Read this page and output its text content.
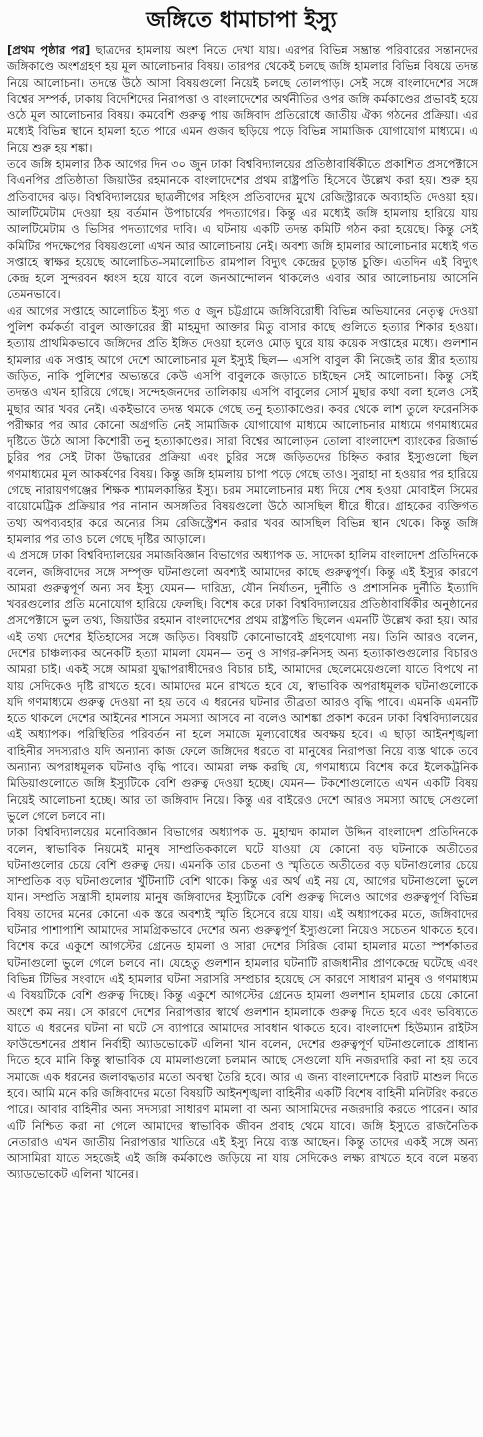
জঙ্গিতে ধামাচাপা ইস্যু

[প্রথম পৃষ্ঠার পর] ছাত্রদের হামলায় অংশ নিতে দেখা যায়। এরপর বিভিন্ন সম্ভ্রান্ত পরিবারের সন্তানদের জঙ্গিকাণ্ডে অংশগ্রহণ হয় মূল আলোচনার বিষয়। তারপর থেকেই চলছে জঙ্গি হামলার বিভিন্ন বিষয়ে তদন্ত নিয়ে আলোচনা। তদন্তে উঠে আসা বিষয়গুলো নিয়েই চলছে তোলপাড়। সেই সঙ্গে বাংলাদেশের সঙ্গে বিশ্বের সম্পর্ক, ঢাকায় বিদেশিদের নিরাপত্তা ও বাংলাদেশের অর্থনীতির ওপর জঙ্গি কর্মকাণ্ডের প্রভাবই হয়ে ওঠে মূল আলোচনার বিষয়। কমবেশি গুরুত্ব পায় জঙ্গিবাদ প্রতিরোধে জাতীয় ঐক্য গঠনের প্রক্রিয়া। এর মধ্যেই বিভিন্ন স্থানে হামলা হতে পারে এমন গুজব ছড়িয়ে পড়ে বিভিন্ন সামাজিক যোগাযোগ মাধ্যমে। এ নিয়ে শুরু হয় শঙ্কা।

তবে জঙ্গি হামলার ঠিক আগের দিন ৩০ জুন ঢাকা বিশ্ববিদ্যালয়ের প্রতিষ্ঠাবার্ষিকীতে প্রকাশিত প্রসপেক্টাসে বিএনপির প্রতিষ্ঠাতা জিয়াউর রহমানকে বাংলাদেশের প্রথম রাষ্ট্রপতি হিসেবে উল্লেখ করা হয়। শুরু হয় প্রতিবাদের ঝড়। বিশ্ববিদ্যালয়ের ছাত্রলীগের সহিংস প্রতিবাদের মুখে রেজিস্ট্রারকে অব্যাহতি দেওয়া হয়। আলটিমেটাম দেওয়া হয় বর্তমান উপাচার্যের পদত্যাগের। কিন্তু এর মধ্যেই জঙ্গি হামলায় হারিয়ে যায় আলটিমেটাম ও ভিসির পদত্যাগের দাবি। এ ঘটনায় একটি তদন্ত কমিটি গঠন করা হয়েছে। কিন্তু সেই কমিটির পদক্ষেপের বিষয়গুলো এখন আর আলোচনায় নেই। অবশ্য জঙ্গি হামলার আলোচনার মধ্যেই গত সপ্তাহে স্বাক্ষর হয়েছে আলোচিত-সমালোচিত রামপাল বিদ্যুৎ কেন্দ্রের চূড়ান্ত চুক্তি। এতদিন এই বিদ্যুৎ কেন্দ্র হলে সুন্দরবন ধ্বংস হয়ে যাবে বলে জনআন্দোলন থাকলেও এবার আর আলোচনায় আসেনি তেমনভাবে।

এর আগের সপ্তাহে আলোচিত ইস্যু গত ৫ জুন চট্টগ্রামে জঙ্গিবিরোধী বিভিন্ন অভিযানের নেতৃত্ব দেওয়া পুলিশ কর্মকর্তা বাবুল আক্তারের স্ত্রী মাহমুদা আক্তার মিতু বাসার কাছে গুলিতে হত্যার শিকার হওয়া। হত্যায় প্রাথমিকভাবে জঙ্গিদের প্রতি ইঙ্গিত দেওয়া হলেও মোড় ঘুরে যায় কয়েক সপ্তাহের মধ্যে। গুলশান হামলার এক সপ্তাহ আগে দেশে আলোচনার মূল ইস্যুই ছিল— এসপি বাবুল কী নিজেই তার স্ত্রীর হত্যায় জড়িত, নাকি পুলিশের অভ্যন্তরে কেউ এসপি বাবুলকে জড়াতে চাইছেন সেই আলোচনা। কিন্তু সেই তদন্তও এখন হারিয়ে গেছে। সন্দেহজনদের তালিকায় এসপি বাবুলের সোর্স মুছার কথা বলা হলেও সেই মুছার আর খবর নেই। একইভাবে তদন্ত থমকে গেছে তনু হত্যাকাণ্ডের। কবর থেকে লাশ তুলে ফরেনসিক পরীক্ষার পর আর কোনো অগ্রগতি নেই সামাজিক যোগাযোগ মাধ্যমে আলোচনার মাধ্যমে গণমাধ্যমের দৃষ্টিতে উঠে আসা কিশোরী তনু হত্যাকাণ্ডের। সারা বিশ্বের আলোড়ন তোলা বাংলাদেশ ব্যাংকের রিজার্ভ চুরির পর সেই টাকা উদ্ধারের প্রক্রিয়া এবং চুরির সঙ্গে জড়িতদের চিহ্নিত করার ইস্যুগুলো ছিল গণমাধ্যমের মূল আকর্ষণের বিষয়। কিন্তু জঙ্গি হামলায় চাপা পড়ে গেছে তাও। সুরাহা না হওয়ার পর হারিয়ে গেছে নারায়ণগঞ্জের শিক্ষক শ্যামলকান্তির ইস্যু। চরম সমালোচনার মধ্য দিয়ে শেষ হওয়া মোবাইল সিমের বায়োমেট্রিক প্রক্রিয়ার পর নানান অসঙ্গতির বিষয়গুলো উঠে আসছিল ধীরে ধীরে। গ্রাহকের ব্যক্তিগত তথ্য অপব্যবহার করে অন্যের সিম রেজিস্ট্রেশন করার খবর আসছিল বিভিন্ন স্থান থেকে। কিন্তু জঙ্গি হামলার পর তাও চলে গেছে দৃষ্টির আড়ালে।

এ প্রসঙ্গে ঢাকা বিশ্ববিদ্যালয়ের সমাজবিজ্ঞান বিভাগের অধ্যাপক ড. সাদেকা হালিম বাংলাদেশ প্রতিদিনকে বলেন, জঙ্গিবাদের সঙ্গে সম্পৃক্ত ঘটনাগুলো অবশ্যই আমাদের কাছে গুরুত্বপূর্ণ। কিন্তু এই ইস্যুর কারণে আমরা গুরুত্বপূর্ণ অন্য সব ইস্যু যেমন— দারিদ্র্য, যৌন নির্যাতন, দুর্নীতি ও প্রশাসনিক দুর্নীতি ইত্যাদি খবরগুলোর প্রতি মনোযোগ হারিয়ে ফেলছি। বিশেষ করে ঢাকা বিশ্ববিদ্যালয়ের প্রতিষ্ঠাবার্ষিকীর অনুষ্ঠানের প্রসপেক্টাসে ভুল তথ্য, জিয়াউর রহমান বাংলাদেশের প্রথম রাষ্ট্রপতি ছিলেন এমনটি উল্লেখ করা হয়। আর এই তথ্য দেশের ইতিহাসের সঙ্গে জড়িত। বিষয়টি কোনোভাবেই গ্রহণযোগ্য নয়। তিনি আরও বলেন, দেশের চাঞ্চল্যকর অনেকটি হত্যা মামলা যেমন— তনু ও সাগর-রুনিসহ অন্য হত্যাকাণ্ডগুলোর বিচারও আমরা চাই। একই সঙ্গে আমরা যুদ্ধাপরাধীদেরও বিচার চাই, আমাদের ছেলেমেয়েগুলো যাতে বিপথে না যায় সেদিকেও দৃষ্টি রাখতে হবে। আমাদের মনে রাখতে হবে যে, স্বাভাবিক অপরাধমূলক ঘটনাগুলোকে যদি গণমাধ্যমে গুরুত্ব দেওয়া না হয় তবে এ ধরনের ঘটনার তীব্রতা আরও বৃদ্ধি পাবে। এমনকি এমনটি হতে থাকলে দেশের আইনের শাসনে সমস্যা আসবে না বলেও আশঙ্কা প্রকাশ করেন ঢাকা বিশ্ববিদ্যালয়ের এই অধ্যাপক। পরিস্থিতির পরিবর্তন না হলে সমাজে মূল্যবোধের অবক্ষয় হবে। এ ছাড়া আইনশৃঙ্খলা বাহিনীর সদস্যরাও যদি অন্যান্য কাজ ফেলে জঙ্গিদের ধরতে বা মানুষের নিরাপত্তা নিয়ে ব্যস্ত থাকে তবে অন্যান্য অপরাধমূলক ঘটনাও বৃদ্ধি পাবে। আমরা লক্ষ করছি যে, গণমাধ্যমে বিশেষ করে ইলেকট্রনিক মিডিয়াগুলোতে জঙ্গি ইস্যুটিকে বেশি গুরুত্ব দেওয়া হচ্ছে। যেমন— টকশোগুলোতে এখন একটি বিষয় নিয়েই আলোচনা হচ্ছে। আর তা জঙ্গিবাদ নিয়ে। কিন্তু এর বাইরেও দেশে আরও সমস্যা আছে সেগুলো ভুলে গেলে চলবে না।

ঢাকা বিশ্ববিদ্যালয়ের মনোবিজ্ঞান বিভাগের অধ্যাপক ড. মুহাম্মদ কামাল উদ্দিন বাংলাদেশ প্রতিদিনকে বলেন, স্বাভাবিক নিয়মেই মানুষ সাম্প্রতিককালে ঘটে যাওয়া যে কোনো বড় ঘটনাকে অতীতের ঘটনাগুলোর চেয়ে বেশি গুরুত্ব দেয়। এমনকি তার চেতনা ও স্মৃতিতে অতীতের বড় ঘটনাগুলোর চেয়ে সাম্প্রতিক বড় ঘটনাগুলোর খুঁটিনাটি বেশি থাকে। কিন্তু এর অর্থ এই নয় যে, আগের ঘটনাগুলো ভুলে যান। সম্প্রতি সন্ত্রাসী হামলায় মানুষ জঙ্গিবাদের ইস্যুটিকে বেশি গুরুত্ব দিলেও আগের গুরুত্বপূর্ণ বিভিন্ন বিষয় তাদের মনের কোনো এক স্তরে অবশ্যই স্মৃতি হিসেবে রয়ে যায়। এই অধ্যাপকের মতে, জঙ্গিবাদের ঘটনার পাশাপাশি আমাদের সামগ্রিকভাবে দেশের অন্য গুরুত্বপূর্ণ ইস্যুগুলো নিয়েও সচেতন থাকতে হবে। বিশেষ করে একুশে আগস্টের গ্রেনেড হামলা ও সারা দেশের সিরিজ বোমা হামলার মতো স্পর্শকাতর ঘটনাগুলো ভুলে গেলে চলবে না। যেহেতু গুলশান হামলার ঘটনাটি রাজধানীর প্রাণকেন্দ্রে ঘটেছে এবং বিভিন্ন টিভির সংবাদে এই হামলার ঘটনা সরাসরি সম্প্রচার হয়েছে সে কারণে সাধারণ মানুষ ও গণমাধ্যম এ বিষয়টিকে বেশি গুরুত্ব দিচ্ছে। কিন্তু একুশে আগস্টের গ্রেনেড হামলা গুলশান হামলার চেয়ে কোনো অংশে কম নয়। সে কারণে দেশের নিরাপত্তার স্বার্থে গুলশান হামলাকে গুরুত্ব দিতে হবে এবং ভবিষ্যতে যাতে এ ধরনের ঘটনা না ঘটে সে ব্যাপারে আমাদের সাবধান থাকতে হবে। বাংলাদেশ হিউম্যান রাইটস ফাউন্ডেশনের প্রধান নির্বাহী অ্যাডভোকেট এলিনা খান বলেন, দেশের গুরুত্বপূর্ণ ঘটনাগুলোকে প্রাধান্য দিতে হবে মানি কিন্তু স্বাভাবিক যে মামলাগুলো চলমান আছে সেগুলো যদি নজরদারি করা না হয় তবে সমাজে এক ধরনের জলাবদ্ধতার মতো অবস্থা তৈরি হবে। আর এ জন্য বাংলাদেশকে বিরাট মাশুল দিতে হবে। আমি মনে করি জঙ্গিবাদের মতো বিষয়টি আইনশৃঙ্খলা বাহিনীর একটি বিশেষ বাহিনী মনিটরিং করতে পারে। আবার বাহিনীর অন্য সদস্যরা সাধারণ মামলা বা অন্য আসামিদের নজরদারি করতে পারেন। আর এটি নিশ্চিত করা না গেলে আমাদের স্বাভাবিক জীবন প্রবাহ থেমে যাবে। জঙ্গি ইস্যুতে রাজনৈতিক নেতারাও এখন জাতীয় নিরাপত্তার খাতিরে এই ইস্যু নিয়ে ব্যস্ত আছেন। কিন্তু তাদের একই সঙ্গে অন্য আসামিরা যাতে সহজেই এই জঙ্গি কর্মকাণ্ডে জড়িয়ে না যায় সেদিকেও লক্ষ্য রাখতে হবে বলে মন্তব্য অ্যাডভোকেট এলিনা খানের।
